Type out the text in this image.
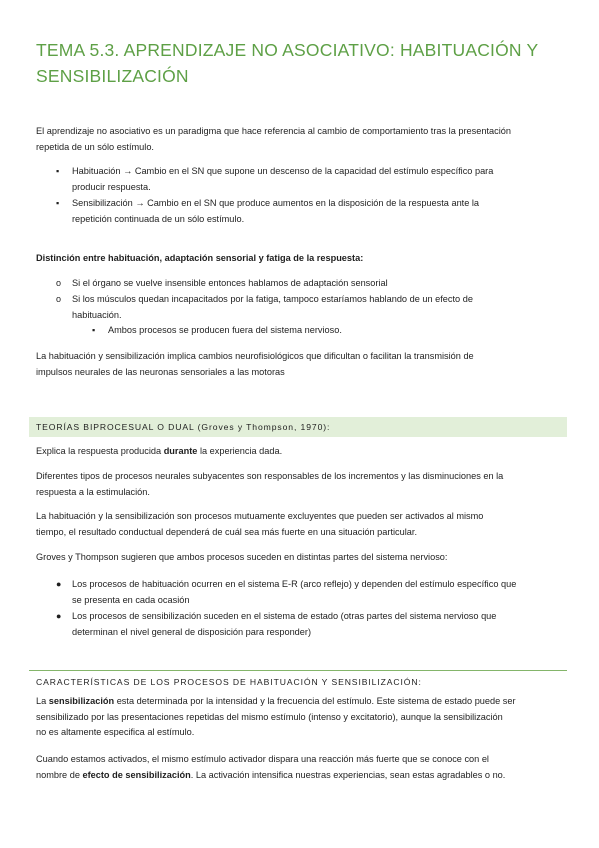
TEMA 5.3. APRENDIZAJE NO ASOCIATIVO: HABITUACIÓN Y SENSIBILIZACIÓN
El aprendizaje no asociativo es un paradigma que hace referencia al cambio de comportamiento tras la presentación
repetida de un sólo estímulo.
▪ Habituación → Cambio en el SN que supone un descenso de la capacidad del estímulo específico para
producir respuesta.
▪ Sensibilización → Cambio en el SN que produce aumentos en la disposición de la respuesta ante la
repetición continuada de un sólo estímulo.
Distinción entre habituación, adaptación sensorial y fatiga de la respuesta:
o Si el órgano se vuelve insensible entonces hablamos de adaptación sensorial
o Si los músculos quedan incapacitados por la fatiga, tampoco estaríamos hablando de un efecto de
habituación.
▪ Ambos procesos se producen fuera del sistema nervioso.
La habituación y sensibilización implica cambios neurofisiológicos que dificultan o facilitan la transmisión de
impulsos neurales de las neuronas sensoriales a las motoras
TEORÍAS BIPROCESUAL O DUAL (Groves y Thompson, 1970):
Explica la respuesta producida durante la experiencia dada.
Diferentes tipos de procesos neurales subyacentes son responsables de los incrementos y las disminuciones en la
respuesta a la estimulación.
La habituación y la sensibilización son procesos mutuamente excluyentes que pueden ser activados al mismo
tiempo, el resultado conductual dependerá de cuál sea más fuerte en una situación particular.
Groves y Thompson sugieren que ambos procesos suceden en distintas partes del sistema nervioso:
● Los procesos de habituación ocurren en el sistema E-R (arco reflejo) y dependen del estímulo específico que
se presenta en cada ocasión
● Los procesos de sensibilización suceden en el sistema de estado (otras partes del sistema nervioso que
determinan el nivel general de disposición para responder)
CARACTERÍSTICAS DE LOS PROCESOS DE HABITUACIÓN Y SENSIBILIZACIÓN:
La sensibilización esta determinada por la intensidad y la frecuencia del estímulo. Este sistema de estado puede ser
sensibilizado por las presentaciones repetidas del mismo estímulo (intenso y excitatorio), aunque la sensibilización
no es altamente especifica al estímulo.
Cuando estamos activados, el mismo estímulo activador dispara una reacción más fuerte que se conoce con el
nombre de efecto de sensibilización. La activación intensifica nuestras experiencias, sean estas agradables o no.
